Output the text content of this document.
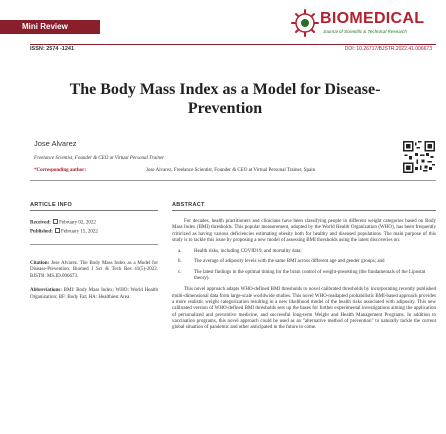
Mini Review	BIOMEDICAL
Journal of Scientific & Technical Research
ISSN: 2574 -1241	DOI: 10.26717/BJSTR.2022.41.006673
The Body Mass Index as a Model for Disease-Prevention
Jose Alvarez
Freelance Scientist, Founder & CEO at Virtual Personal Trainer
*Corresponding author:	Jose Alvarez, Freelance Scientist, Founder & CEO at Virtual Personal Trainer, Spain
ARTICLE INFO
Received: February 02, 2022
Published: February 15, 2022
Citation: Jose Alvarez. The Body Mass Index as a Model for Disease-Prevention. Biomed J Sci & Tech Res 41(5)-2022. BJSTR. MS.ID.006673.
Abbreviations: BMI: Body Mass Index; WHO: World Health Organization; BF: Body Fat; HA: Healthiest Area
ABSTRACT

For decades, health practitioners and clinicians have been classifying people in different weight categories based on Body Mass Index (BMI) thresholds. This popular measurement, adopted by the World Health Organization (WHO), has been frequently criticized as having various deficiencies estimating obesity both for healthy and diseased populations. The main purpose of this study is to tackle this issue by proposing a new model of assessing BMI thresholds using the latest discoveries on:

a.	Health risks, including COVID19, and mortality data;
b. The average of adiposity levels with the same BMI across different age and gender groups; and
c.	The latest findings in the optimal timing for the brain control of weight-presetting (the fundamentals of the Lipostat theory).

This novel approach adapts WHO-defined BMI thresholds to novel calibrated thresholds by incorporating recently published multi-dimensional data from large-scale worldwide studies. This novel WHO-readapted probabilistic BMI-based approach provides a more realistic weight categorization resulting in a new likelihood model of the health risks associated with adiposity. This new calibrated version of WHO-defined BMI thresholds sets up the bases for further experimental investigations aiming the application of personalized and preventive medicine, and successful long-term Weight and Health Management Programs. In addition to vaccination programs, this novel approach could be used as an "alternative method of prevention" to naturally tackle the current global situation of pandemic and other anticipated in the future to come.
